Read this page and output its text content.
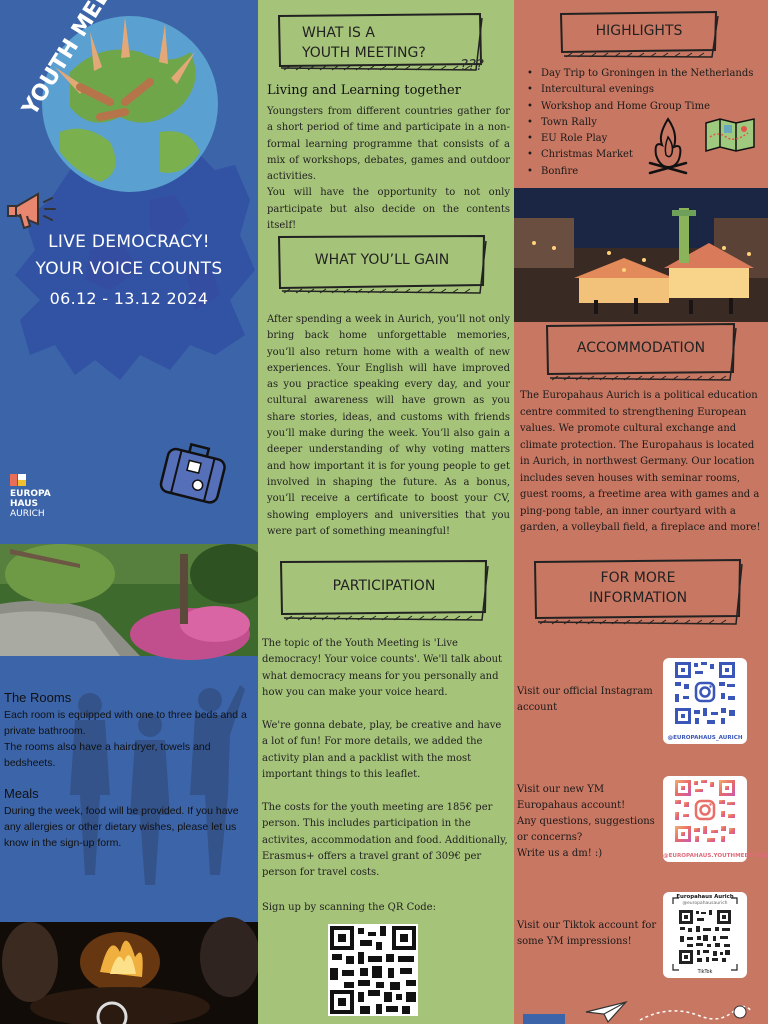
YOUTH
LIVE DEMOCRACY!
YOUR VOICE COUNTS
06.12 - 13.12 2024
EUROPA
HAUS
AURICH
The Rooms

Each room is equipped with one to three beds and a private bathroom.
The rooms also have a hairdryer, towels and bedsheets.

Meals

During the week, food will be provided. If you have any allergies or other dietary wishes, please let us know in the sign-up form.

WHAT IS A
YOUTH MEETING?
???
Living and Learning together
Youngsters from different countries gather for a short period of time and participate in a non-formal learning programme that consists of a mix of workshops, debates, games and outdoor activities.
You will have the opportunity to not only participate but also decide on the contents itself!
WHAT YOU’LL GAIN
After spending a week in Aurich, you’ll not only bring back home unforgettable memories, you’ll also return home with a wealth of new experiences. Your English will have improved as you practice speaking every day, and your cultural awareness will have grown as you share stories, ideas, and customs with friends you’ll make during the week. You’ll also gain a deeper understanding of why voting matters and how important it is for young people to get involved in shaping the future. As a bonus, you’ll receive a certificate to boost your CV, showing employers and universities that you were part of something meaningful!
PARTICIPATION
The topic of the Youth Meeting is 'Live democracy! Your voice counts'. We'll talk about what democracy means for you personally and how you can make your voice heard.
We're gonna debate, play, be creative and have a lot of fun! For more details, we added the activity plan and a packlist with the most important things to this leaflet.
The costs for the youth meeting are 185€ per person. This includes participation in the activites, accommodation and food. Additionally, Erasmus+ offers a travel grant of 309€ per person for travel costs.
Sign up by scanning the QR Code:
HIGHLIGHTS
• Day Trip to Groningen in the Netherlands
• Intercultural evenings
• Workshop and Home Group Time
• Town Rally
• EU Role Play
• Christmas Market
• Bonfire
ACCOMMODATION
The Europahaus Aurich is a political education centre commited to strengthening European values. We promote cultural exchange and climate protection. The Europahaus is located in Aurich, in northwest Germany. Our location includes seven houses with seminar rooms, guest rooms, a freetime area with games and a ping-pong table, an inner courtyard with a garden, a volleyball field, a fireplace and more!
FOR MORE
INFORMATION
Visit our official Instagram account
@EUROPAHAUS_AURICH
Visit our new YM Europahaus account!
Any questions, suggestions or concerns?
Write us a dm! :)	@EUROPAHAUS.YOUTHMEETINGS
Visit our Tiktok account for some YM impressions!
Europahaus Aurich
@europahausaurich
TikTok
